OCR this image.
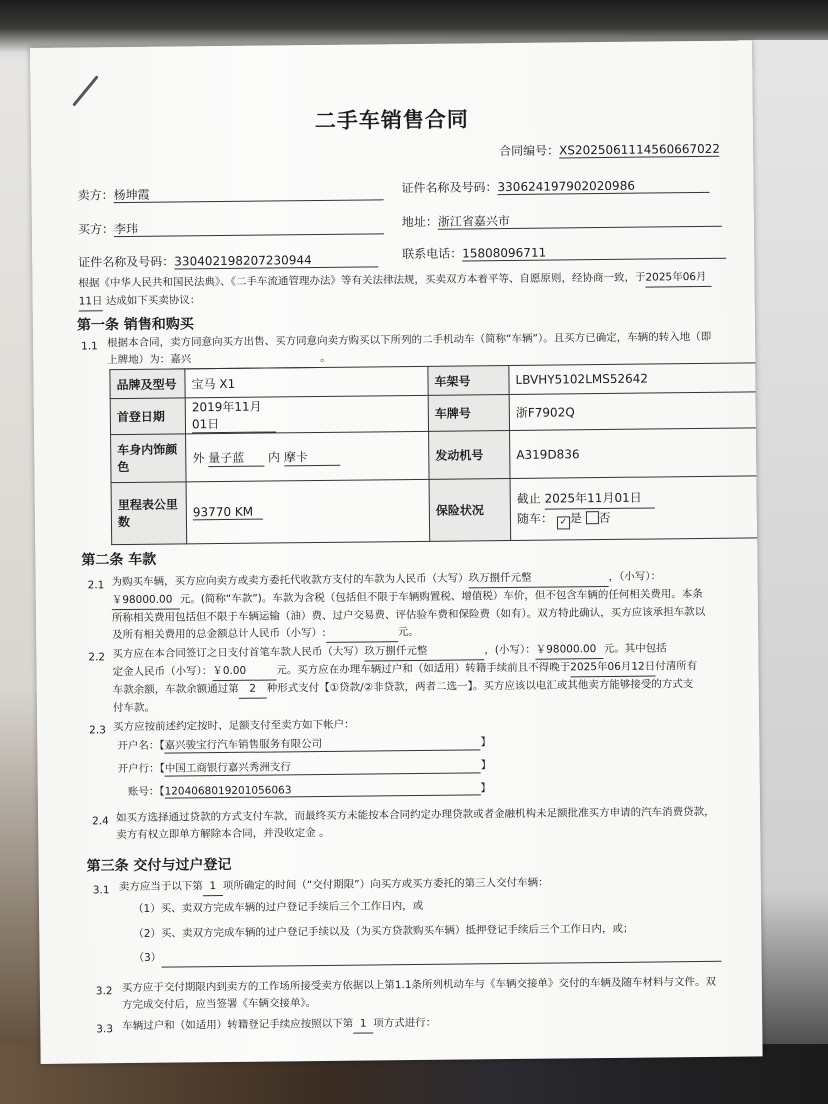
二手车销售合同
合同编号：XS2025061114560667022
卖方：杨坤霞	证件名称及号码：330624197902020986
买方：李玮	地址：浙江省嘉兴市
证件名称及号码：330402198207230944	联系电话：15808096711
根据《中华人民共和国民法典》、《二手车流通管理办法》等有关法律法规，买卖双方本着平等、自愿原则，经协商一致，于2025年06月
11日 达成如下买卖协议：
第一条 销售和购买
1.1 根据本合同，卖方同意向买方出售、买方同意向卖方购买以下所列的二手机动车（简称“车辆”）。且买方已确定，车辆的转入地（即
上牌地）为：嘉兴	。
品牌及型号	宝马 X1	车架号	LBVHY5102LMS52642
首登日期	2019年11月01日	车牌号	浙F7902Q
车身内饰颜
色	外 量子蓝 内 摩卡	发动机号	A319D836
里程表公里
数	93770 KM	保险状况	截止 2025年11月01日
随车： ✓ 是 否
第二条 车款
2.1 为购买车辆，买方应向卖方或卖方委托代收款方支付的车款为人民币（大写）玖万捌仟元整	，（小写）：
￥98000.00 元。(简称“车款”)。车款为含税（包括但不限于车辆购置税、增值税）车价，但不包含车辆的任何相关费用。本条
所称相关费用包括但不限于车辆运输（油）费、过户交易费、评估验车费和保险费（如有）。双方特此确认，买方应该承担车款以
及所有相关费用的总金额总计人民币（小写）:	元。
2.2 买方应在本合同签订之日支付首笔车款人民币（大写）玖万捌仟元整	，(小写）：￥98000.00 元。其中包括
定金人民币（小写）：￥0.00	元。买方应在办理车辆过户和（如适用）转籍手续前且不得晚于2025年06月12日付清所有
车款余额，车款余额通过第 2 种形式支付【①贷款/②非贷款，两者二选一】。买方应该以电汇或其他卖方能够接受的方式支
付车款。
2.3 买方应按前述约定按时、足额支付至卖方如下帐户：
开户名：【嘉兴骏宝行汽车销售服务有限公司	】
开户行：【中国工商银行嘉兴秀洲支行	】
账号：【1204068019201056063	】
2.4 如买方选择通过贷款的方式支付车款，而最终买方未能按本合同约定办理贷款或者金融机构未足额批准买方申请的汽车消费贷款，
卖方有权立即单方解除本合同，并没收定金 。
第三条 交付与过户登记
3.1 卖方应当于以下第 1 项所确定的时间（“交付期限”）向买方或买方委托的第三人交付车辆：
（1）买、卖双方完成车辆的过户登记手续后三个工作日内，或
（2）买、卖双方完成车辆的过户登记手续以及（为买方贷款购买车辆）抵押登记手续后三个工作日内，或；
（3）
3.2 买方应于交付期限内到卖方的工作场所接受卖方依据以上第1.1条所列机动车与《车辆交接单》交付的车辆及随车材料与文件。双
方完成交付后，应当签署《车辆交接单》。
3.3 车辆过户和（如适用）转籍登记手续应按照以下第 1 项方式进行：
